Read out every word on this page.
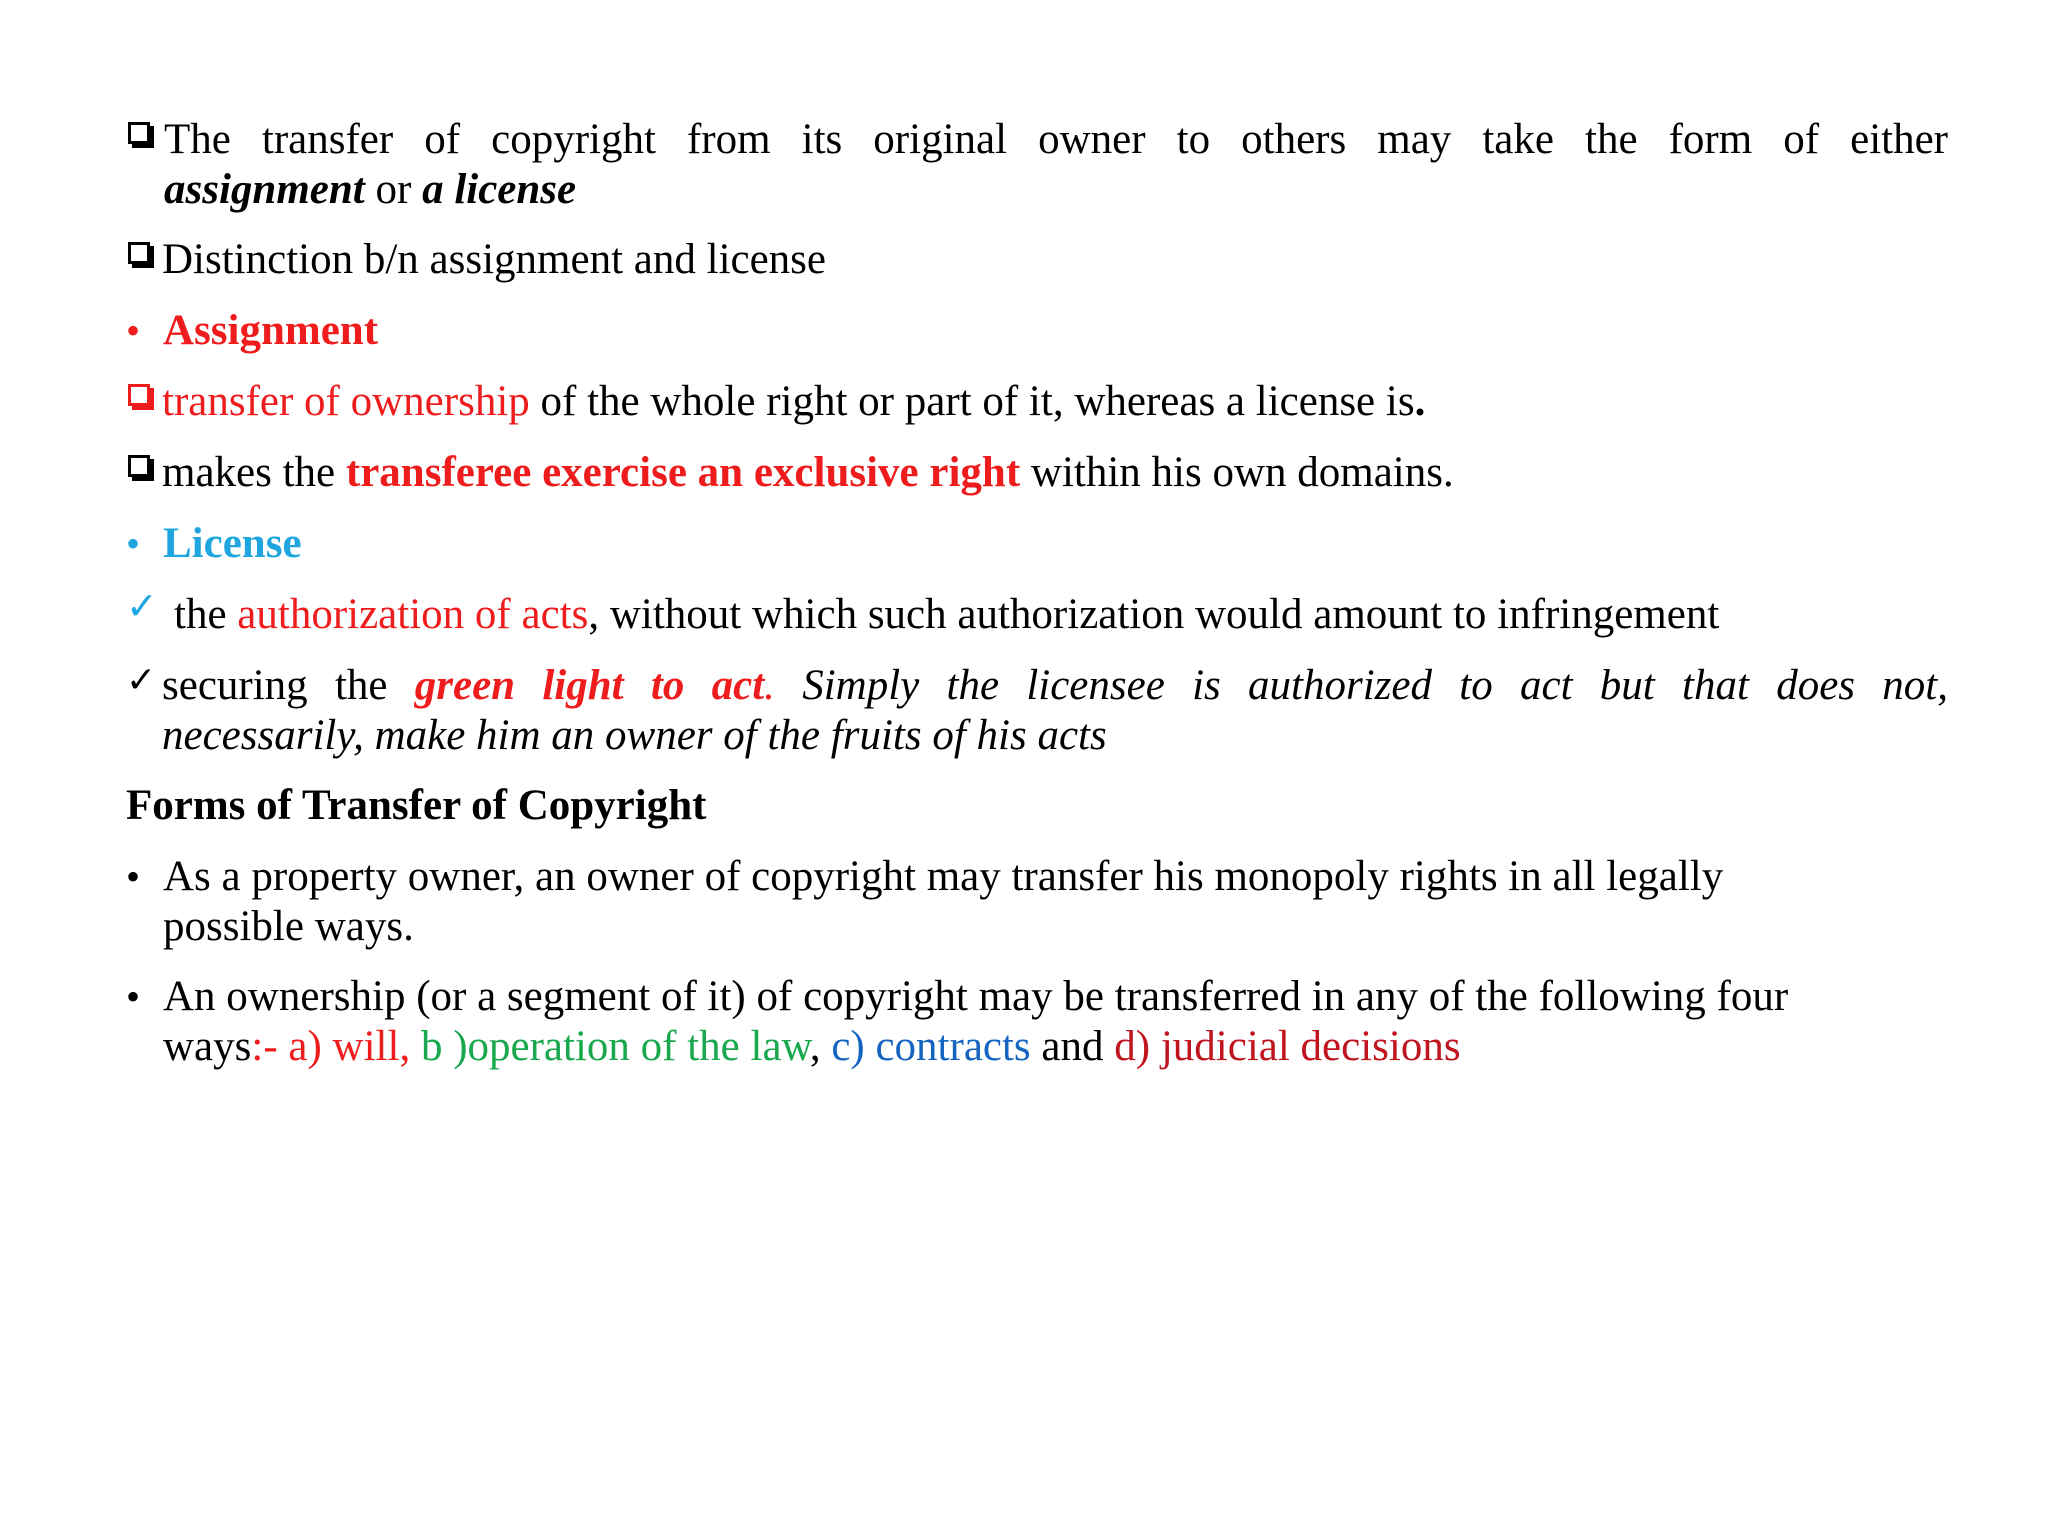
The transfer of copyright from its original owner to others may take the form of either
assignment or a license
Distinction b/n assignment and license
• Assignment
transfer of ownership of the whole right or part of it, whereas a license is.
makes the transferee exercise an exclusive right within his own domains.
• License
✓ the authorization of acts, without which such authorization would amount to infringement
✓ securing the green light to act. Simply the licensee is authorized to act but that does not,
necessarily, make him an owner of the fruits of his acts
Forms of Transfer of Copyright
• As a property owner, an owner of copyright may transfer his monopoly rights in all legally
possible ways.
• An ownership (or a segment of it) of copyright may be transferred in any of the following four
ways:- a) will, b )operation of the law, c) contracts and d) judicial decisions
